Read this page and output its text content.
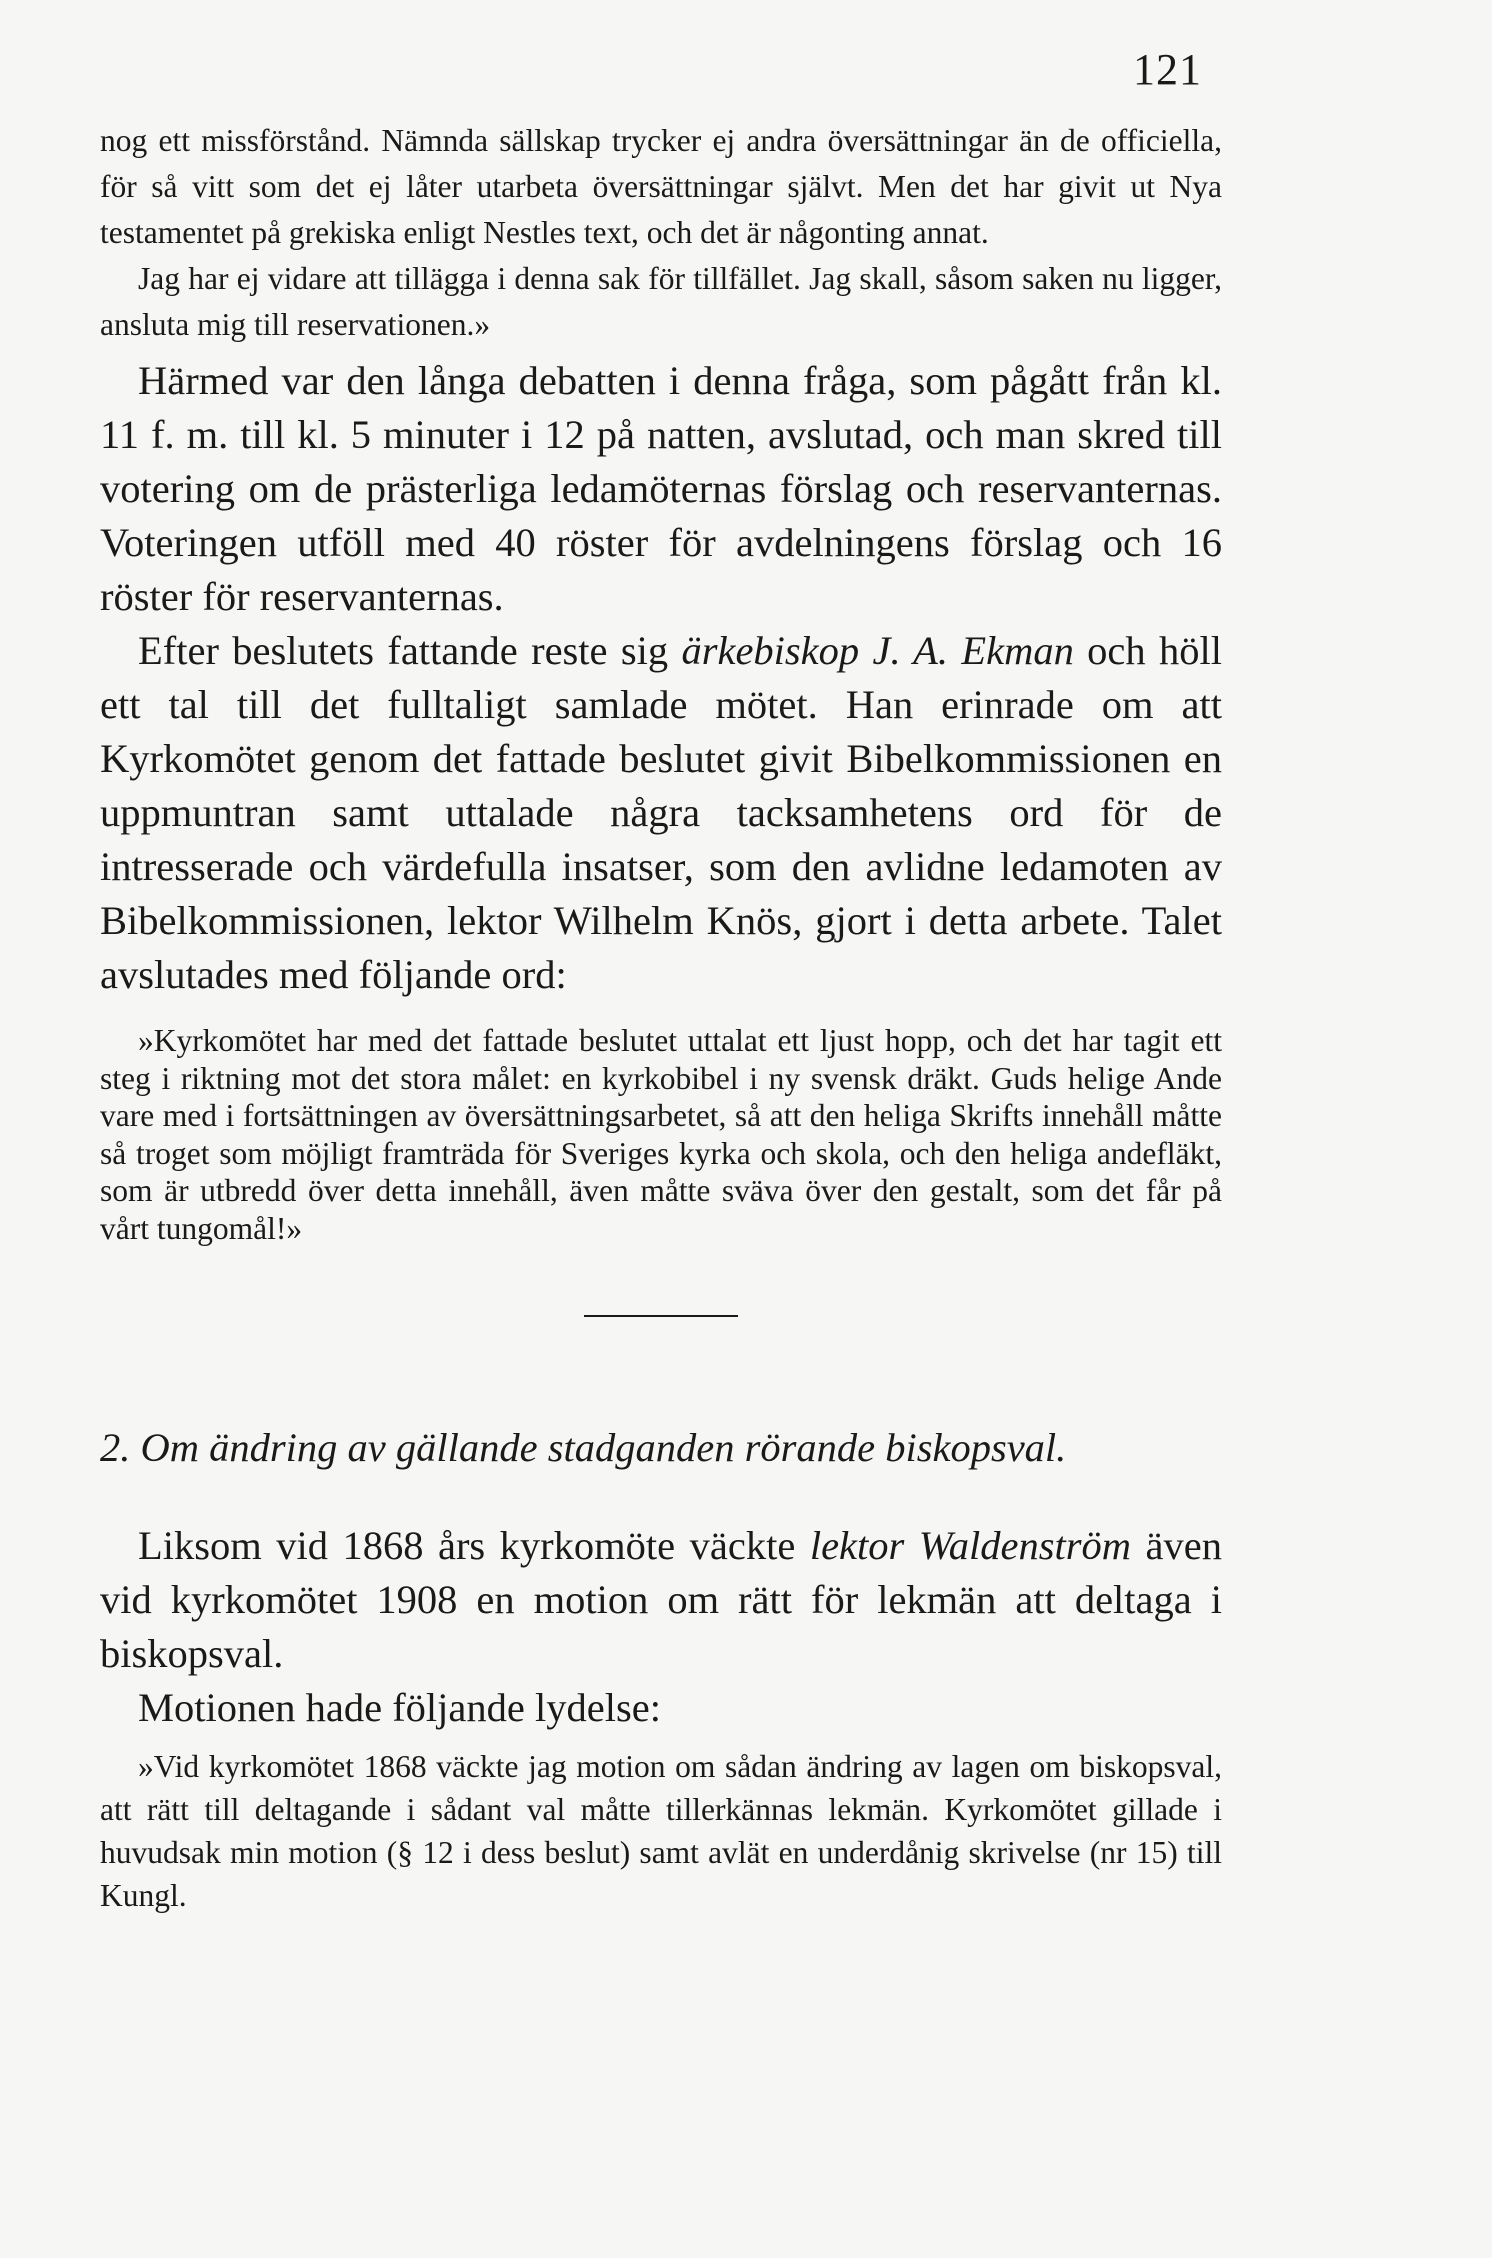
121

nog ett missförstånd. Nämnda sällskap trycker ej andra översättningar än de officiella, för så vitt som det ej låter utarbeta översättningar självt. Men det har givit ut Nya testamentet på grekiska enligt Nestles text, och det är någonting annat.

Jag har ej vidare att tillägga i denna sak för tillfället. Jag skall, såsom saken nu ligger, ansluta mig till reservationen.»

Härmed var den långa debatten i denna fråga, som pågått från kl. 11 f. m. till kl. 5 minuter i 12 på natten, avslutad, och man skred till votering om de prästerliga ledamöternas förslag och reservanternas. Voteringen utföll med 40 röster för avdelningens förslag och 16 röster för reservanternas.

Efter beslutets fattande reste sig ärkebiskop J. A. Ekman och höll ett tal till det fulltaligt samlade mötet. Han erinrade om att Kyrkomötet genom det fattade beslutet givit Bibelkommissionen en uppmuntran samt uttalade några tacksamhetens ord för de intresserade och värdefulla insatser, som den avlidne ledamoten av Bibelkommissionen, lektor Wilhelm Knös, gjort i detta arbete. Talet avslutades med följande ord:

»Kyrkomötet har med det fattade beslutet uttalat ett ljust hopp, och det har tagit ett steg i riktning mot det stora målet: en kyrkobibel i ny svensk dräkt. Guds helige Ande vare med i fortsättningen av översättningsarbetet, så att den heliga Skrifts innehåll måtte så troget som möjligt framträda för Sveriges kyrka och skola, och den heliga andefläkt, som är utbredd över detta innehåll, även måtte sväva över den gestalt, som det får på vårt tungomål!»

2. Om ändring av gällande stadganden rörande biskopsval.

Liksom vid 1868 års kyrkomöte väckte lektor Waldenström även vid kyrkomötet 1908 en motion om rätt för lekmän att deltaga i biskopsval.

Motionen hade följande lydelse:

»Vid kyrkomötet 1868 väckte jag motion om sådan ändring av lagen om biskopsval, att rätt till deltagande i sådant val måtte tillerkännas lekmän. Kyrkomötet gillade i huvudsak min motion (§ 12 i dess beslut) samt avlät en underdånig skrivelse (nr 15) till Kungl.
